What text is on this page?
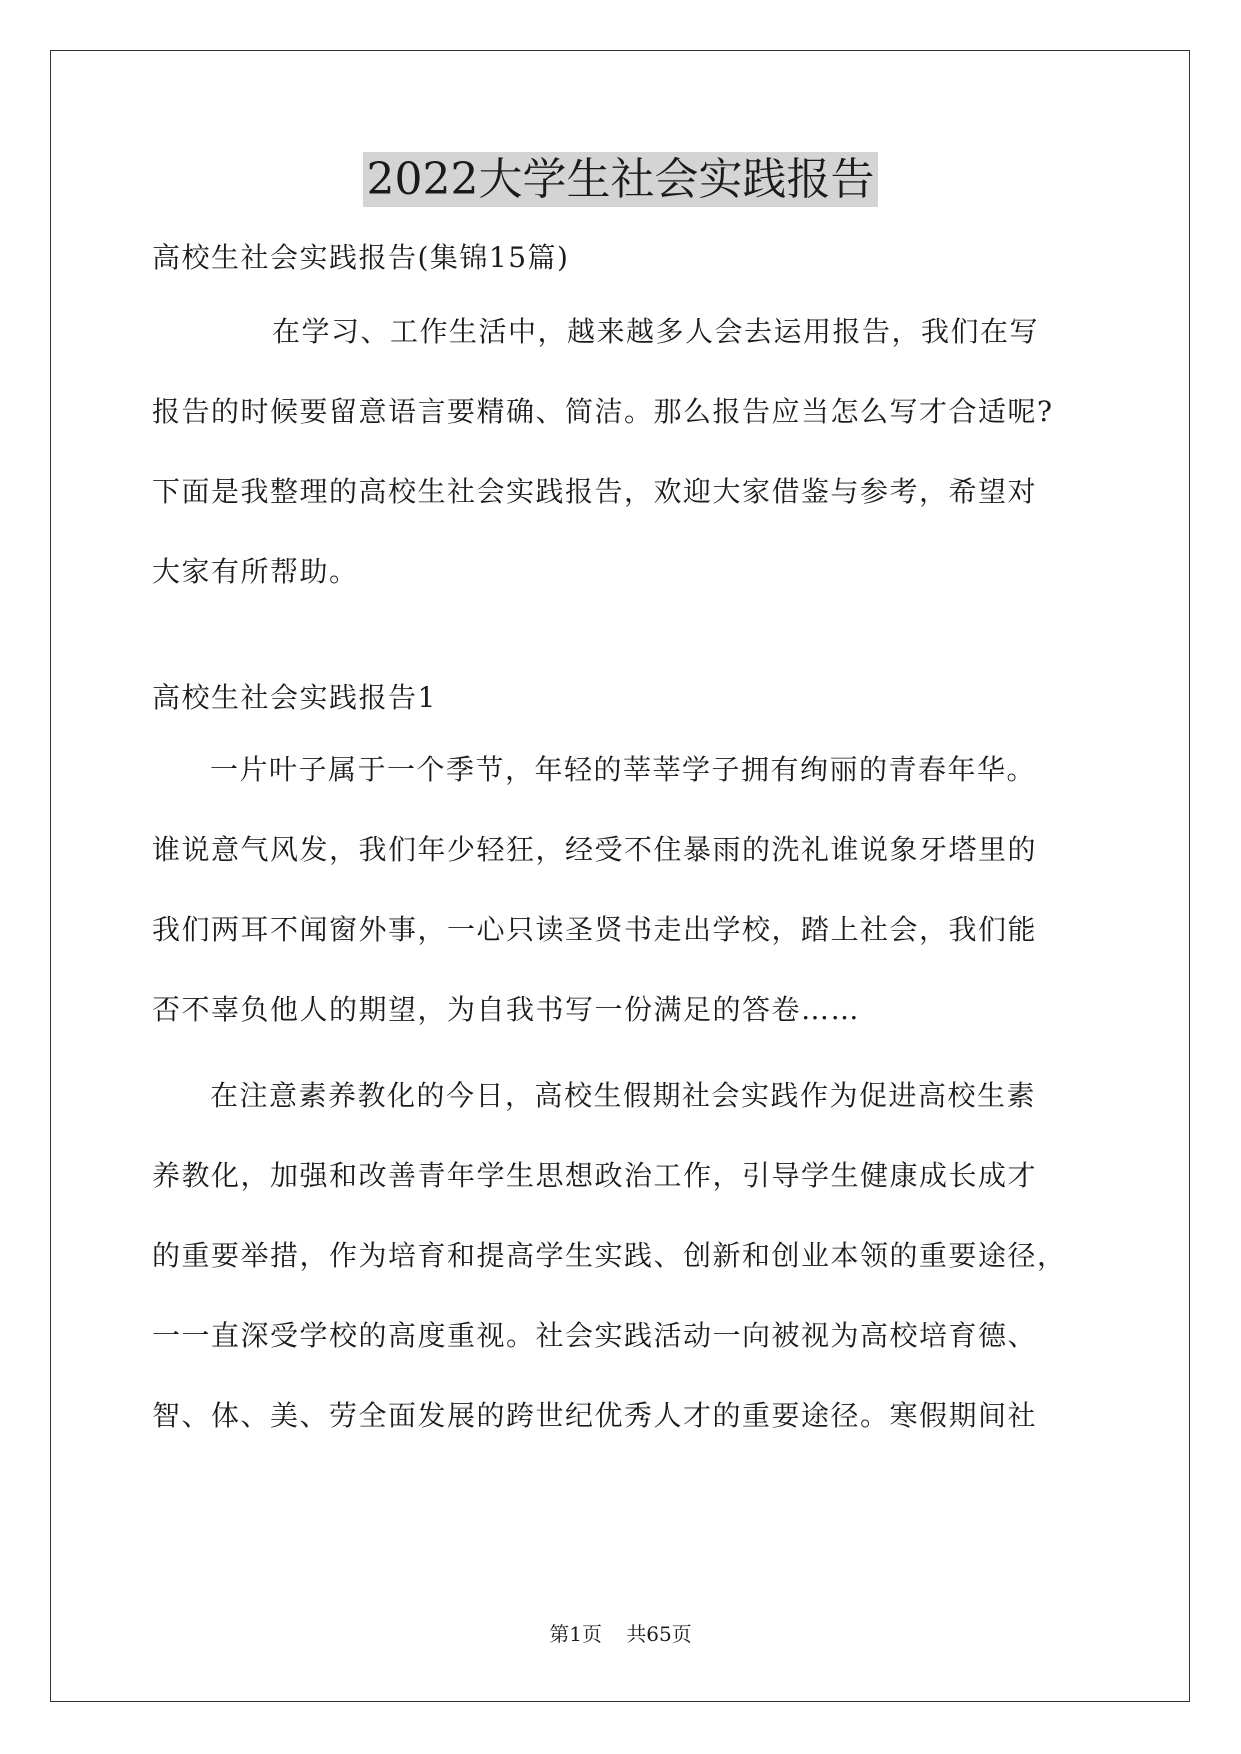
2022大学生社会实践报告
高校生社会实践报告(集锦15篇)
在学习、工作生活中，越来越多人会去运用报告，我们在写
报告的时候要留意语言要精确、简洁。那么报告应当怎么写才合适呢?
下面是我整理的高校生社会实践报告，欢迎大家借鉴与参考，希望对
大家有所帮助。
高校生社会实践报告1
一片叶子属于一个季节，年轻的莘莘学子拥有绚丽的青春年华。
谁说意气风发，我们年少轻狂，经受不住暴雨的洗礼谁说象牙塔里的
我们两耳不闻窗外事，一心只读圣贤书走出学校，踏上社会，我们能
否不辜负他人的期望，为自我书写一份满足的答卷……
在注意素养教化的今日，高校生假期社会实践作为促进高校生素
养教化，加强和改善青年学生思想政治工作，引导学生健康成长成才
的重要举措，作为培育和提高学生实践、创新和创业本领的重要途径，
一一直深受学校的高度重视。社会实践活动一向被视为高校培育德、
智、体、美、劳全面发展的跨世纪优秀人才的重要途径。寒假期间社
第1页 共65页
